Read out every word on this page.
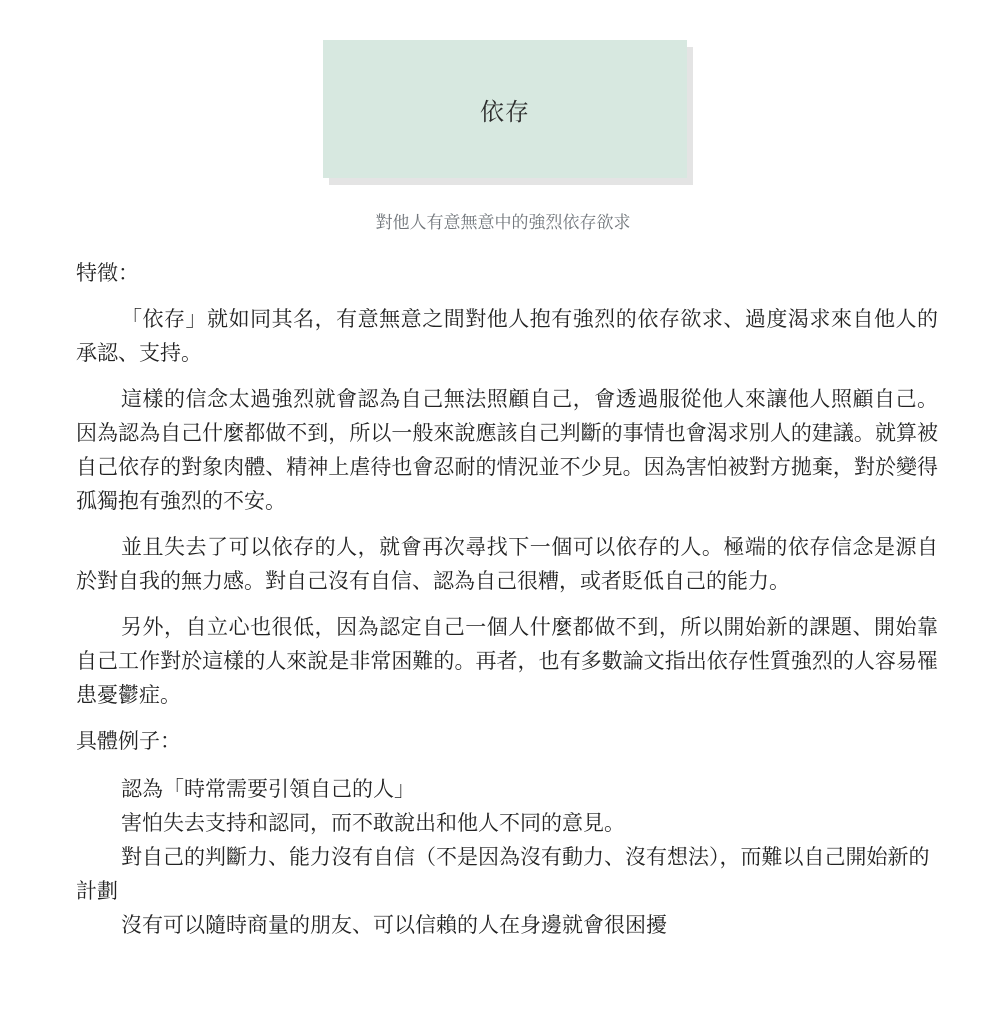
依存
對他人有意無意中的強烈依存欲求

特徵：

「依存」就如同其名，有意無意之間對他人抱有強烈的依存欲求、過度渴求來自他人的承認、支持。

這樣的信念太過強烈就會認為自己無法照顧自己，會透過服從他人來讓他人照顧自己。因為認為自己什麼都做不到，所以一般來說應該自己判斷的事情也會渴求別人的建議。就算被自己依存的對象肉體、精神上虐待也會忍耐的情況並不少見。因為害怕被對方拋棄，對於變得孤獨抱有強烈的不安。

並且失去了可以依存的人，就會再次尋找下一個可以依存的人。極端的依存信念是源自於對自我的無力感。對自己沒有自信、認為自己很糟，或者貶低自己的能力。

另外，自立心也很低，因為認定自己一個人什麼都做不到，所以開始新的課題、開始靠自己工作對於這樣的人來說是非常困難的。再者，也有多數論文指出依存性質強烈的人容易罹患憂鬱症。

具體例子：

認為「時常需要引領自己的人」

害怕失去支持和認同，而不敢說出和他人不同的意見。

對自己的判斷力、能力沒有自信（不是因為沒有動力、沒有想法），而難以自己開始新的計劃

沒有可以隨時商量的朋友、可以信賴的人在身邊就會很困擾
